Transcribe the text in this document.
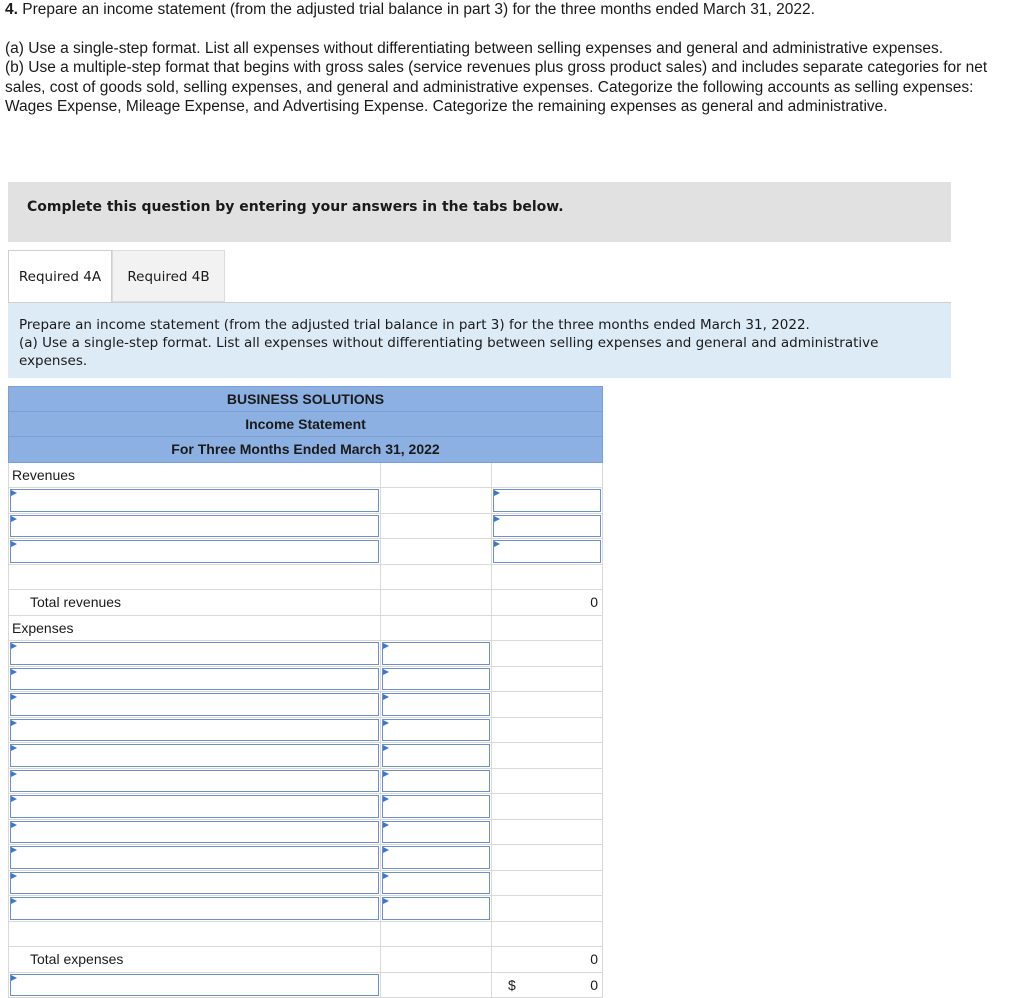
4. Prepare an income statement (from the adjusted trial balance in part 3) for the three months ended March 31, 2022.

(a) Use a single-step format. List all expenses without differentiating between selling expenses and general and administrative expenses.

(b) Use a multiple-step format that begins with gross sales (service revenues plus gross product sales) and includes separate categories for net sales, cost of goods sold, selling expenses, and general and administrative expenses. Categorize the following accounts as selling expenses: Wages Expense, Mileage Expense, and Advertising Expense. Categorize the remaining expenses as general and administrative.

Complete this question by entering your answers in the tabs below.
Required 4A	Required 4B

Prepare an income statement (from the adjusted trial balance in part 3) for the three months ended March 31, 2022.

(a) Use a single-step format. List all expenses without differentiating between selling expenses and general and administrative expenses.

BUSINESS SOLUTIONS
Income Statement
For Three Months Ended March 31, 2022
Revenues
Total revenues	0
Expenses
Total expenses	0
$	0
